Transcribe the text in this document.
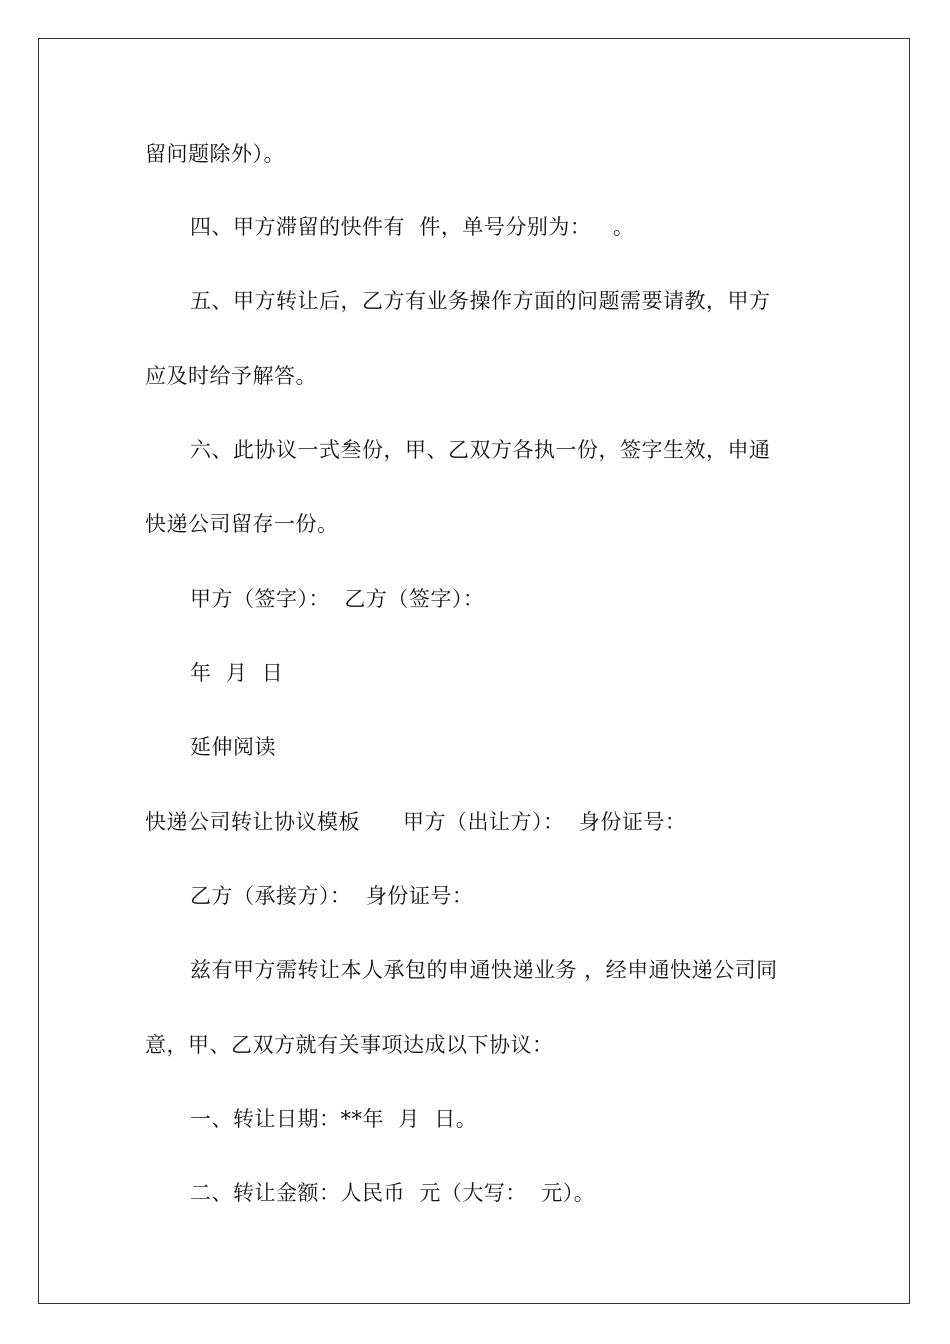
留问题除外）。
四、甲方滞留的快件有  件，单号分别为：   。
五、甲方转让后，乙方有业务操作方面的问题需要请教，甲方
应及时给予解答。
六、此协议一式叁份，甲、乙双方各执一份，签字生效，申通
快递公司留存一份。
甲方（签字）：  乙方（签字）：
年  月  日
延伸阅读
快递公司转让协议模板      甲方（出让方）：  身份证号：
乙方（承接方）：  身份证号：
兹有甲方需转让本人承包的申通快递业务 ，经申通快递公司同
意，甲、乙双方就有关事项达成以下协议：
一、转让日期：**年  月  日。
二、转让金额：人民币  元（大写：  元）。
